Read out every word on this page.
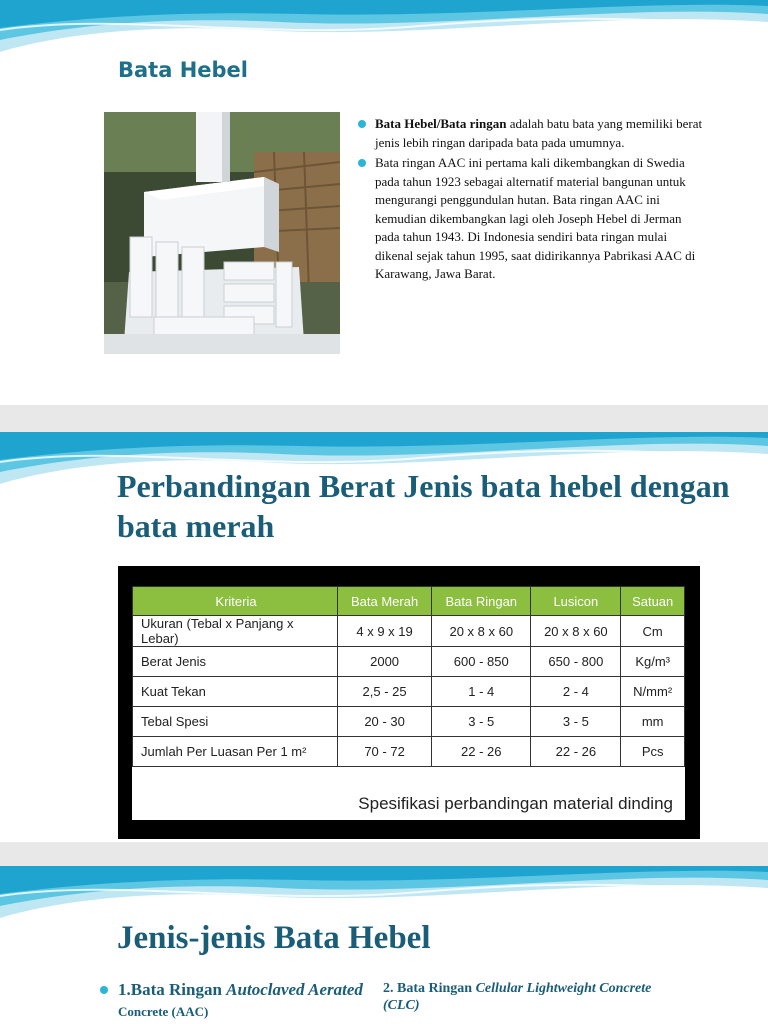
Bata Hebel
Bata Hebel/Bata ringan adalah batu bata yang memiliki berat jenis lebih ringan daripada bata pada umumnya.
Bata ringan AAC ini pertama kali dikembangkan di Swedia pada tahun 1923 sebagai alternatif material bangunan untuk mengurangi penggundulan hutan. Bata ringan AAC ini kemudian dikembangkan lagi oleh Joseph Hebel di Jerman pada tahun 1943. Di Indonesia sendiri bata ringan mulai dikenal sejak tahun 1995, saat didirikannya Pabrikasi AAC di Karawang, Jawa Barat.
Perbandingan Berat Jenis bata hebel dengan bata merah
Kriteria	Bata Merah	Bata Ringan	Lusicon	Satuan
Ukuran (Tebal x Panjang x Lebar)	4 x 9 x 19	20 x 8 x 60	20 x 8 x 60	Cm
Berat Jenis	2000	600 - 850	650 - 800	Kg/m³
Kuat Tekan	2,5 - 25	1 - 4	2 - 4	N/mm²
Tebal Spesi	20 - 30	3 - 5	3 - 5	mm
Jumlah Per Luasan Per 1 m²	70 - 72	22 - 26	22 - 26	Pcs
Spesifikasi perbandingan material dinding
Jenis-jenis Bata Hebel
1.Bata Ringan Autoclaved Aerated Concrete (AAC)
2. Bata Ringan Cellular Lightweight Concrete (CLC)
